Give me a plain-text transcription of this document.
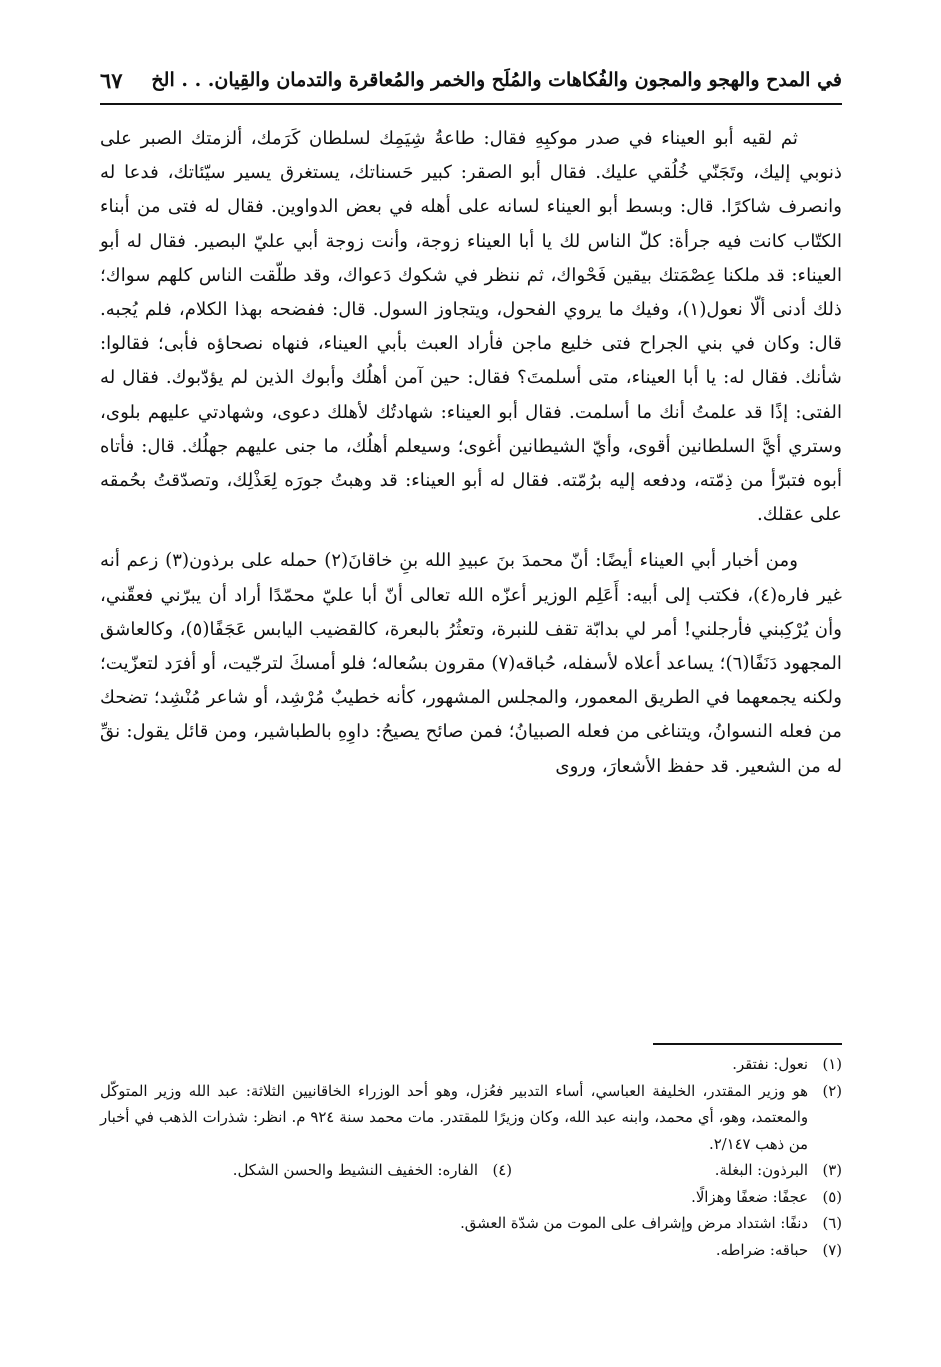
في المدح والهجو والمجون والفُكاهات والمُلَح والخمر والمُعاقرة والتدمان والقِيان. . . الخ
٦٧

ثم لقيه أبو العيناء في صدر موكبِهِ فقال: طاعةُ شِيَمِك لسلطان كَرَمك، ألزمتك الصبر على ذنوبي إليك، وتَجَنّي خُلُقي عليك. فقال أبو الصقر: كبير حَسناتك، يستغرق يسير سيّئاتك، فدعا له وانصرف شاكرًا. قال: وبسط أبو العيناء لسانه على أهله في بعض الدواوين. فقال له فتى من أبناء الكتّاب كانت فيه جرأة: كلّ الناس لك يا أبا العيناء زوجة، وأنت زوجة أبي عليّ البصير. فقال له أبو العيناء: قد ملكنا عِصْمَتك بيقين فَحْواك، ثم ننظر في شكوك دَعواك، وقد طلّقت الناس كلهم سواك؛ ذلك أدنى ألّا نعول(١)، وفيك ما يروي الفحول، ويتجاوز السول. قال: ففضحه بهذا الكلام، فلم يُجبه. قال: وكان في بني الجراح فتى خليع ماجن فأراد العبث بأبي العيناء، فنهاه نصحاؤه فأبى؛ فقالوا: شأنك. فقال له: يا أبا العيناء، متى أسلمتَ؟ فقال: حين آمن أهلُك وأبوك الذين لم يؤدّبوك. فقال له الفتى: إذًا قد علمتُ أنك ما أسلمت. فقال أبو العيناء: شهادتُك لأهلك دعوى، وشهادتي عليهم بلوى، وستري أيَّ السلطانين أقوى، وأيّ الشيطانين أغوى؛ وسيعلم أهلُك، ما جنى عليهم جهلُك. قال: فأتاه أبوه فتبرّأ من ذِمّته، ودفعه إليه برُمّته. فقال له أبو العيناء: قد وهبتُ جورَه لِعَذْلِك، وتصدّقتُ بحُمقه على عقلك.

ومن أخبار أبي العيناء أيضًا: أنّ محمدَ بنَ عبيدِ الله بنِ خاقانَ(٢) حمله على برذون(٣) زعم أنه غير فاره(٤)، فكتب إلى أبيه: أَعَلِم الوزير أعزّه الله تعالى أنّ أبا عليّ محمّدًا أراد أن يبرّني فعقّني، وأن يُرْكِبني فأرجلني! أمر لي بدابّة تقف للنبرة، وتعثُرُ بالبعرة، كالقضيب اليابس عَجَفًا(٥)، وكالعاشق المجهود دَنَفًا(٦)؛ يساعد أعلاه لأسفله، حُباقه(٧) مقرون بسُعاله؛ فلو أمسكَ لترجّيت، أو أفرَد لتعزّيت؛ ولكنه يجمعهما في الطريق المعمور، والمجلس المشهور، كأنه خطيبٌ مُرْشِد، أو شاعر مُنْشِد؛ تضحك من فعله النسوانُ، ويتناغى من فعله الصبيانُ؛ فمن صائح يصيحُ: داوِهِ بالطباشير، ومن قائل يقول: نقِّ له من الشعير. قد حفظ الأشعارَ، وروى

(١)
نعول: نفتقر.
(٢)
هو وزير المقتدر، الخليفة العباسي، أساء التدبير فعُزل، وهو أحد الوزراء الخاقانيين الثلاثة: عبد الله وزير المتوكّل والمعتمد، وهو، أي محمد، وابنه عبد الله، وكان وزيرًا للمقتدر. مات محمد سنة ٩٢٤ م. انظر: شذرات الذهب في أخبار من ذهب ٢/١٤٧.
(٣)
البرذون: البغلة.
(٤)
الفاره: الخفيف النشيط والحسن الشكل.
(٥)
عجفًا: ضعفًا وهزالًا.
(٦)
دنفًا: اشتداد مرض وإشراف على الموت من شدّة العشق.
(٧)
حباقه: ضراطه.
